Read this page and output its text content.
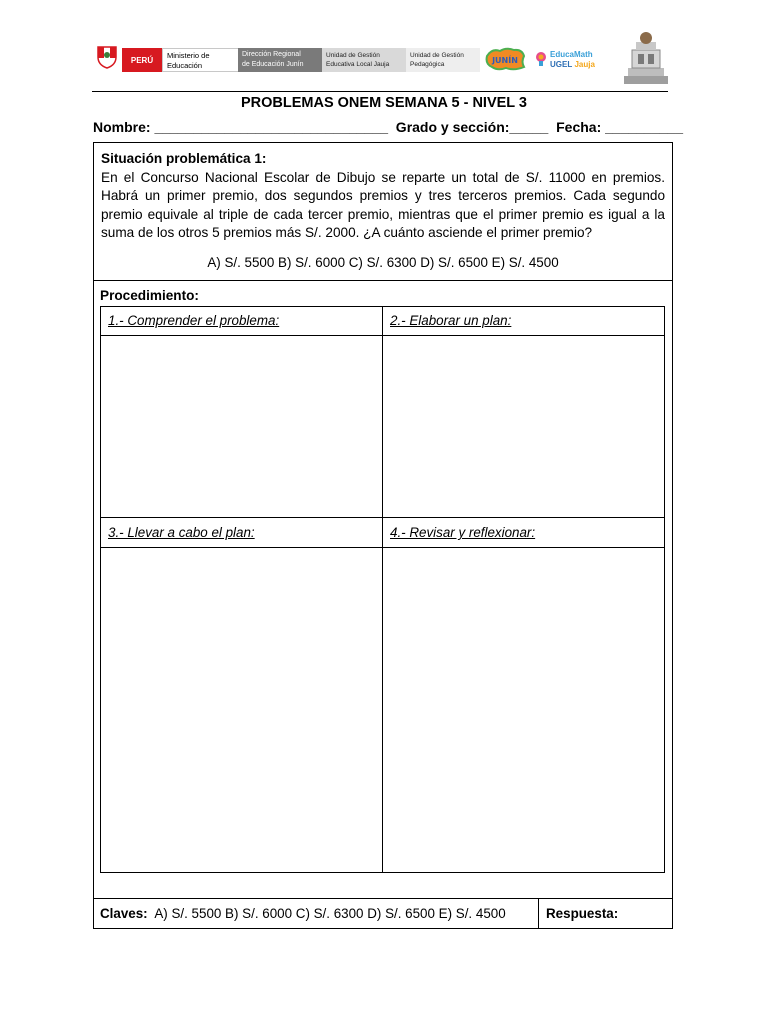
PERÚ	Ministerio de
Educación
Dirección Regional
de Educación Junín
Unidad de Gestión
Educativa Local Jauja
Unidad de Gestión
Pedagógica	JUNÍN
EducaMath
UGEL Jauja
PROBLEMAS ONEM SEMANA 5 - NIVEL 3
Nombre: ______________________________  Grado y sección:_____  Fecha: __________
Situación problemática 1:
En el Concurso Nacional Escolar de Dibujo se reparte un total de S/. 11000 en premios. Habrá un primer premio, dos segundos premios y tres terceros premios. Cada segundo premio equivale al triple de cada tercer premio, mientras que el primer premio es igual a la suma de los otros 5 premios más S/. 2000. ¿A cuánto asciende el primer premio?
A) S/. 5500 B) S/. 6000 C) S/. 6300 D) S/. 6500 E) S/. 4500
Procedimiento:
1.- Comprender el problema:	2.- Elaborar un plan:
3.- Llevar a cabo el plan:	4.- Revisar y reflexionar:
Claves:  A) S/. 5500 B) S/. 6000 C) S/. 6300 D) S/. 6500 E) S/. 4500	Respuesta:
